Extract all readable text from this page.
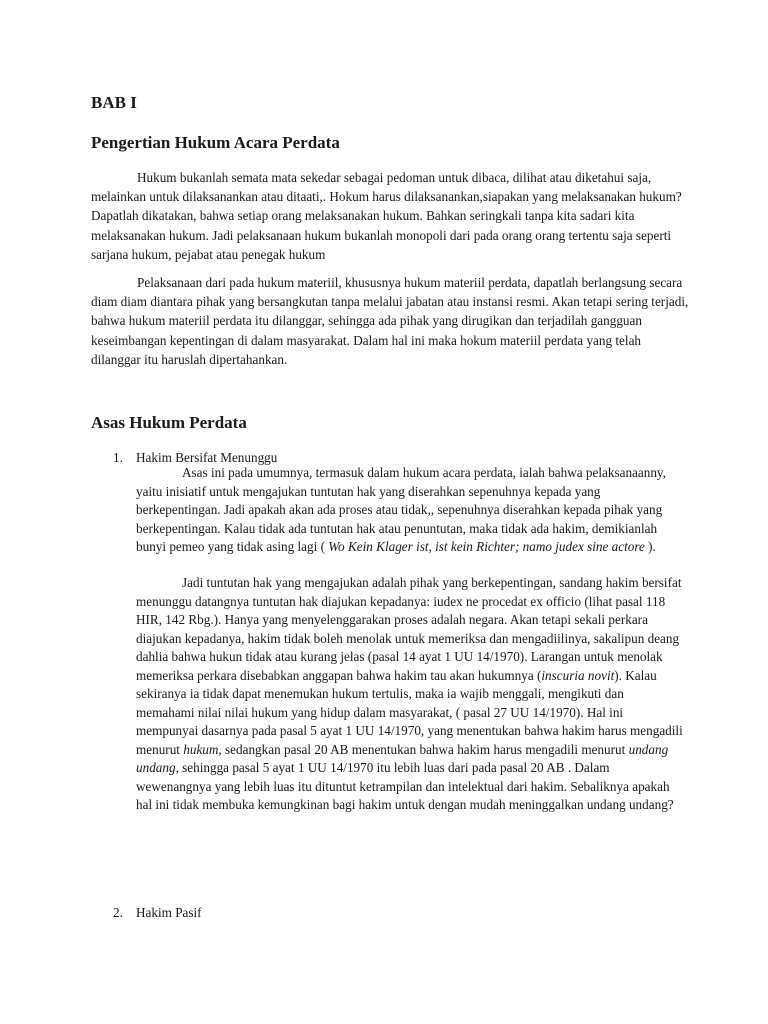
BAB I
Pengertian Hukum Acara Perdata

Hukum bukanlah semata mata sekedar sebagai pedoman untuk dibaca, dilihat atau diketahui saja, melainkan untuk dilaksanankan atau ditaati,. Hokum harus dilaksanankan,siapakan yang melaksanakan hukum? Dapatlah dikatakan, bahwa setiap orang melaksanakan hukum. Bahkan seringkali tanpa kita sadari kita melaksanakan hukum. Jadi pelaksanaan hukum bukanlah monopoli dari pada orang orang tertentu saja seperti sarjana hukum, pejabat atau penegak hukum

Pelaksanaan dari pada hukum materiil, khususnya hukum materiil perdata, dapatlah berlangsung secara diam diam diantara pihak yang bersangkutan tanpa melalui jabatan atau instansi resmi. Akan tetapi sering terjadi, bahwa hukum materiil perdata itu dilanggar, sehingga ada pihak yang dirugikan dan terjadilah gangguan keseimbangan kepentingan di dalam masyarakat. Dalam hal ini maka hokum materiil perdata yang telah dilanggar itu haruslah dipertahankan.

Asas Hukum Perdata
1. Hakim Bersifat Menunggu

Asas ini pada umumnya, termasuk dalam hukum acara perdata, ialah bahwa pelaksanaanny, yaitu inisiatif untuk mengajukan tuntutan hak yang diserahkan sepenuhnya kepada yang berkepentingan. Jadi apakah akan ada proses atau tidak,, sepenuhnya diserahkan kepada pihak yang berkepentingan. Kalau tidak ada tuntutan hak atau penuntutan, maka tidak ada hakim, demikianlah bunyi pemeo yang tidak asing lagi ( Wo Kein Klager ist, ist kein Richter; namo judex sine actore ).

Jadi tuntutan hak yang mengajukan adalah pihak yang berkepentingan, sandang hakim bersifat menunggu datangnya tuntutan hak diajukan kepadanya: iudex ne procedat ex officio (lihat pasal 118 HIR, 142 Rbg.). Hanya yang menyelenggarakan proses adalah negara. Akan tetapi sekali perkara diajukan kepadanya, hakim tidak boleh menolak untuk memeriksa dan mengadiilinya, sakalipun deang dahlia bahwa hukun tidak atau kurang jelas (pasal 14 ayat 1 UU 14/1970). Larangan untuk menolak memeriksa perkara disebabkan anggapan bahwa hakim tau akan hukumnya (inscuria novit). Kalau sekiranya ia tidak dapat menemukan hukum tertulis, maka ia wajib menggali, mengikuti dan memahami nilai nilai hukum yang hidup dalam masyarakat, ( pasal 27 UU 14/1970). Hal ini mempunyai dasarnya pada pasal 5 ayat 1 UU 14/1970, yang menentukan bahwa hakim harus mengadili menurut hukum, sedangkan pasal 20 AB menentukan bahwa hakim harus mengadili menurut undang undang, sehingga pasal 5 ayat 1 UU 14/1970 itu lebih luas dari pada pasal 20 AB . Dalam wewenangnya yang lebih luas itu dituntut ketrampilan dan intelektual dari hakim. Sebaliknya apakah hal ini tidak membuka kemungkinan bagi hakim untuk dengan mudah meninggalkan undang undang?

2. Hakim Pasif
